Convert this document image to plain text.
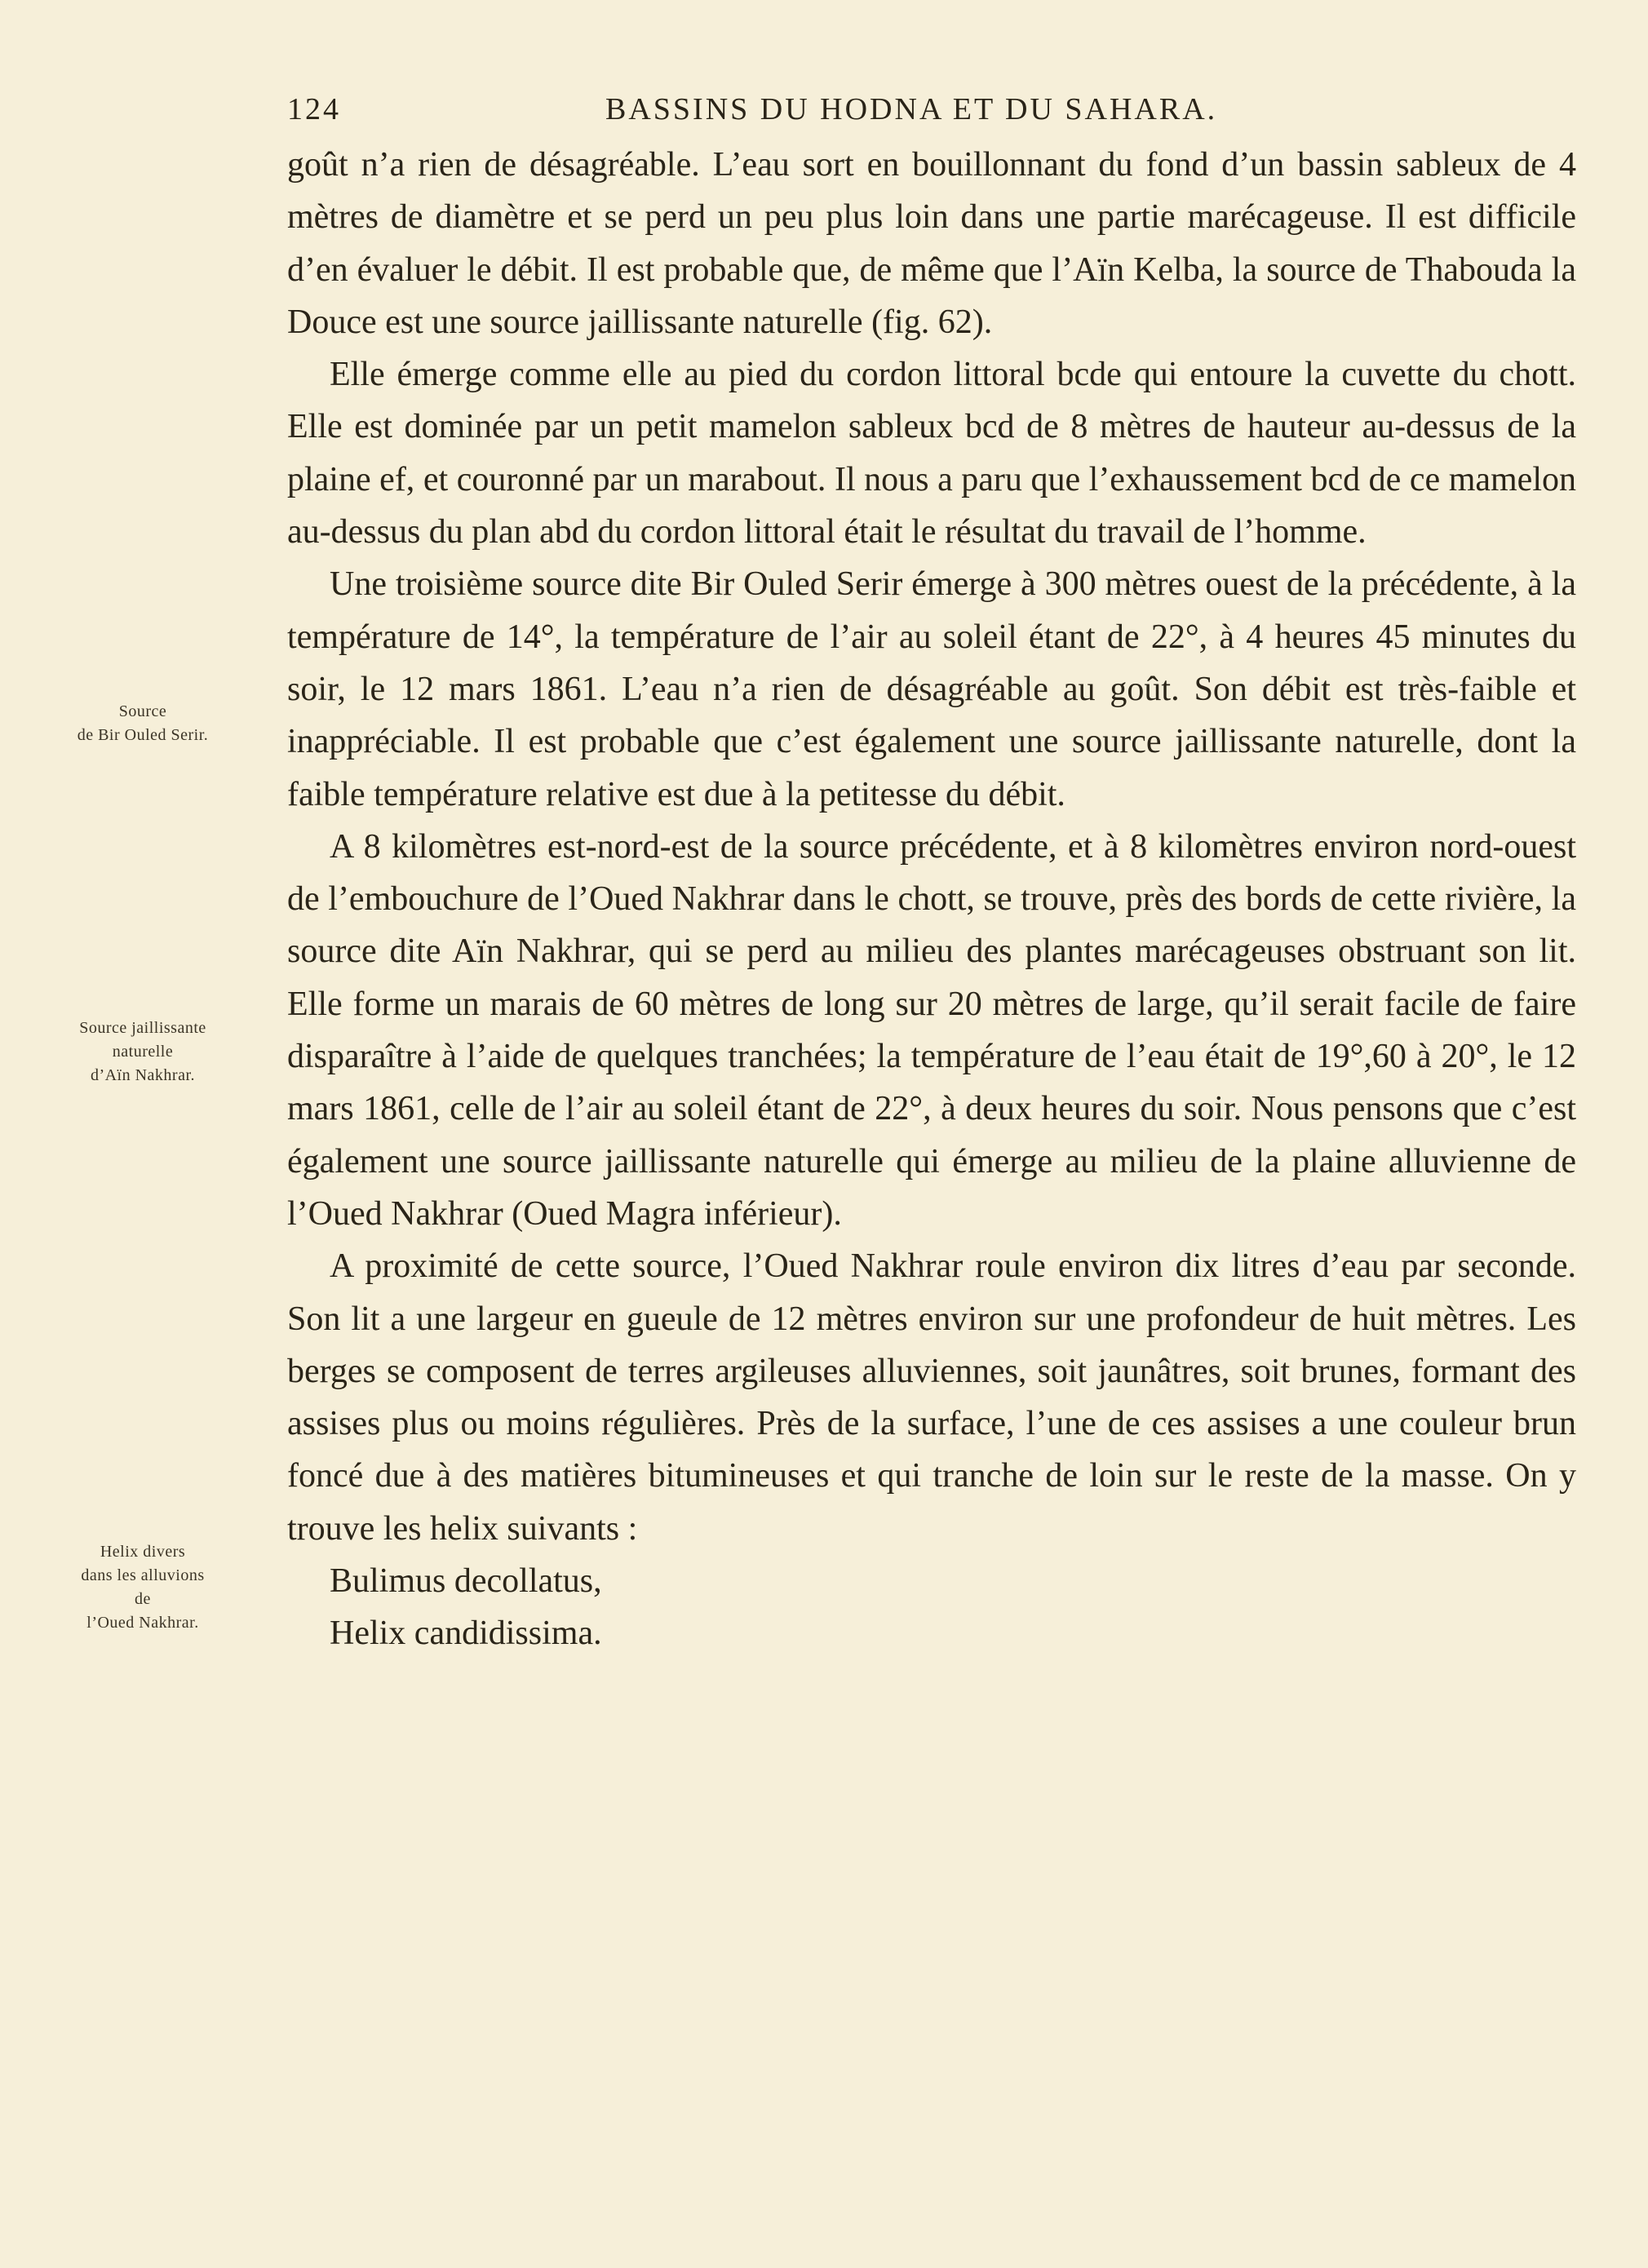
124	BASSINS DU HODNA ET DU SAHARA.

goût n’a rien de désagréable. L’eau sort en bouillonnant du fond d’un bassin sableux de 4 mètres de diamètre et se perd un peu plus loin dans une partie marécageuse. Il est difficile d’en évaluer le débit. Il est probable que, de même que l’Aïn Kelba, la source de Thabouda la Douce est une source jaillissante naturelle (fig. 62).

Elle émerge comme elle au pied du cordon littoral bcde qui entoure la cuvette du chott. Elle est dominée par un petit mamelon sableux bcd de 8 mètres de hauteur au-dessus de la plaine ef, et couronné par un marabout. Il nous a paru que l’exhaussement bcd de ce mamelon au-dessus du plan abd du cordon littoral était le résultat du travail de l’homme.

Une troisième source dite Bir Ouled Serir émerge à 300 mètres ouest de la précédente, à la température de 14°, la température de l’air au soleil étant de 22°, à 4 heures 45 minutes du soir, le 12 mars 1861. L’eau n’a rien de désagréable au goût. Son débit est très-faible et inappréciable. Il est probable que c’est également une source jaillissante naturelle, dont la faible température relative est due à la petitesse du débit.

A 8 kilomètres est-nord-est de la source précédente, et à 8 kilomètres environ nord-ouest de l’embouchure de l’Oued Nakhrar dans le chott, se trouve, près des bords de cette rivière, la source dite Aïn Nakhrar, qui se perd au milieu des plantes marécageuses obstruant son lit. Elle forme un marais de 60 mètres de long sur 20 mètres de large, qu’il serait facile de faire disparaître à l’aide de quelques tranchées; la température de l’eau était de 19°,60 à 20°, le 12 mars 1861, celle de l’air au soleil étant de 22°, à deux heures du soir. Nous pensons que c’est également une source jaillissante naturelle qui émerge au milieu de la plaine alluvienne de l’Oued Nakhrar (Oued Magra inférieur).

A proximité de cette source, l’Oued Nakhrar roule environ dix litres d’eau par seconde. Son lit a une largeur en gueule de 12 mètres environ sur une profondeur de huit mètres. Les berges se composent de terres argileuses alluviennes, soit jaunâtres, soit brunes, formant des assises plus ou moins régulières. Près de la surface, l’une de ces assises a une couleur brun foncé due à des matières bitumineuses et qui tranche de loin sur le reste de la masse. On y trouve les helix suivants :

Bulimus decollatus,

Helix candidissima.

Source
de Bir Ouled Serir.
Source jaillissante
naturelle
d’Aïn Nakhrar.
Helix divers
dans les alluvions
de
l’Oued Nakhrar.
